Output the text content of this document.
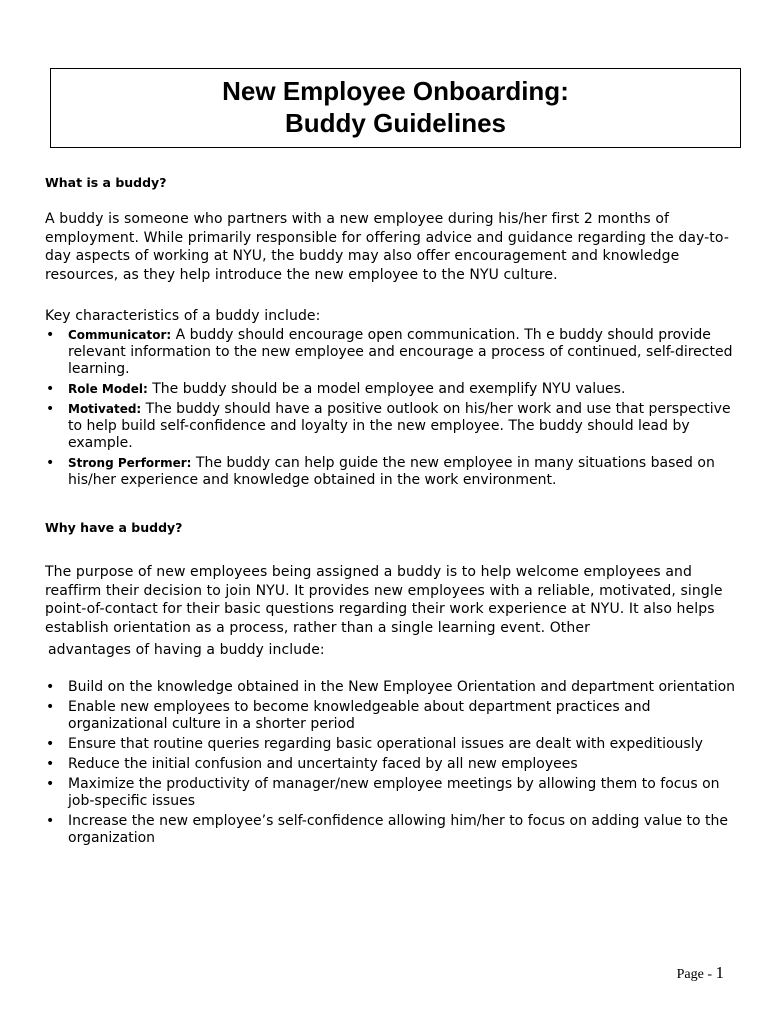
New Employee Onboarding:
Buddy Guidelines
What is a buddy?
A buddy is someone who partners with a new employee during his/her first 2 months of employment. While primarily responsible for offering advice and guidance regarding the day-to-day aspects of working at NYU, the buddy may also offer encouragement and knowledge resources, as they help introduce the new employee to the NYU culture.
Key characteristics of a buddy include:
• Communicator: A buddy should encourage open communication. Th e buddy should provide relevant information to the new employee and encourage a process of continued, self-directed learning.
• Role Model: The buddy should be a model employee and exemplify NYU values.
• Motivated: The buddy should have a positive outlook on his/her work and use that perspective to help build self-confidence and loyalty in the new employee. The buddy should lead by example.
• Strong Performer: The buddy can help guide the new employee in many situations based on his/her experience and knowledge obtained in the work environment.
Why have a buddy?
The purpose of new employees being assigned a buddy is to help welcome employees and reaffirm their decision to join NYU. It provides new employees with a reliable, motivated, single point-of-contact for their basic questions regarding their work experience at NYU. It also helps establish orientation as a process, rather than a single learning event. Other
advantages of having a buddy include:
• Build on the knowledge obtained in the New Employee Orientation and department orientation
• Enable new employees to become knowledgeable about department practices and organizational culture in a shorter period
• Ensure that routine queries regarding basic operational issues are dealt with expeditiously
• Reduce the initial confusion and uncertainty faced by all new employees
• Maximize the productivity of manager/new employee meetings by allowing them to focus on job-specific issues
• Increase the new employee’s self-confidence allowing him/her to focus on adding value to the organization
Page - 1
